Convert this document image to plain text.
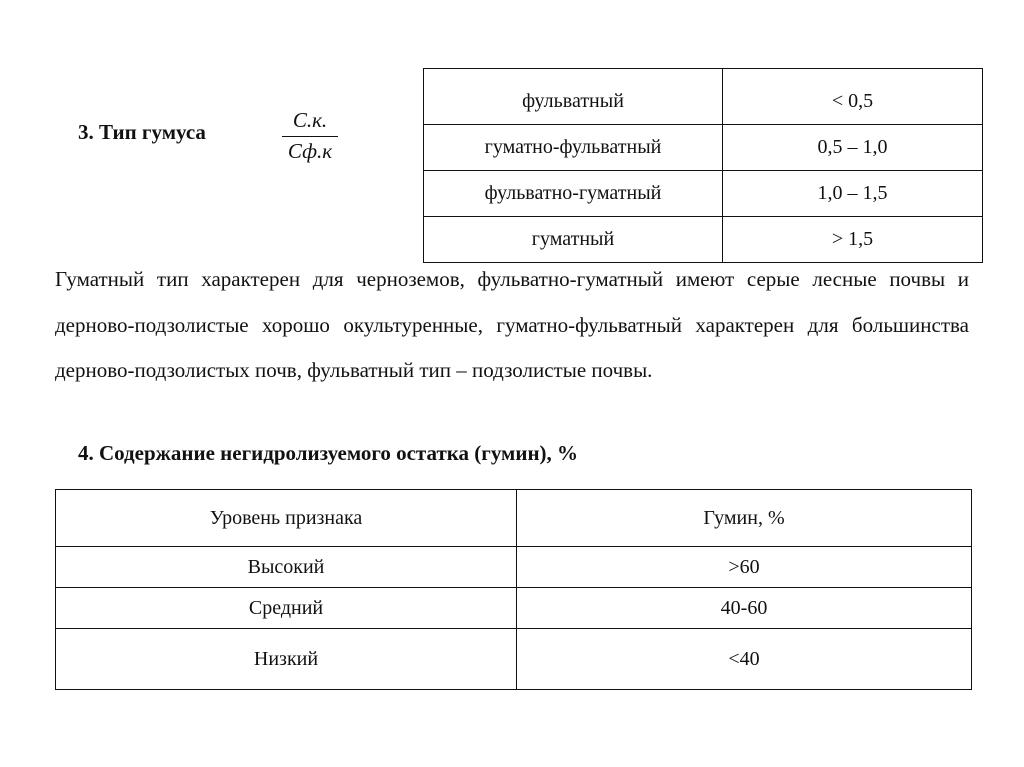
3. Тип гумуса	С.к.
Сф.к
фульватный	< 0,5
гуматно-фульватный	0,5 – 1,0
фульватно-гуматный	1,0 – 1,5
гуматный	> 1,5
Гуматный тип характерен для черноземов, фульватно-гуматный имеют серые лесные почвы и дерново-подзолистые хорошо окультуренные, гуматно-фульватный характерен для большинства дерново-подзолистых почв, фульватный тип – подзолистые почвы.
4. Содержание негидролизуемого остатка (гумин), %
Уровень признака	Гумин, %
Высокий	>60
Средний	40-60
Низкий	<40
